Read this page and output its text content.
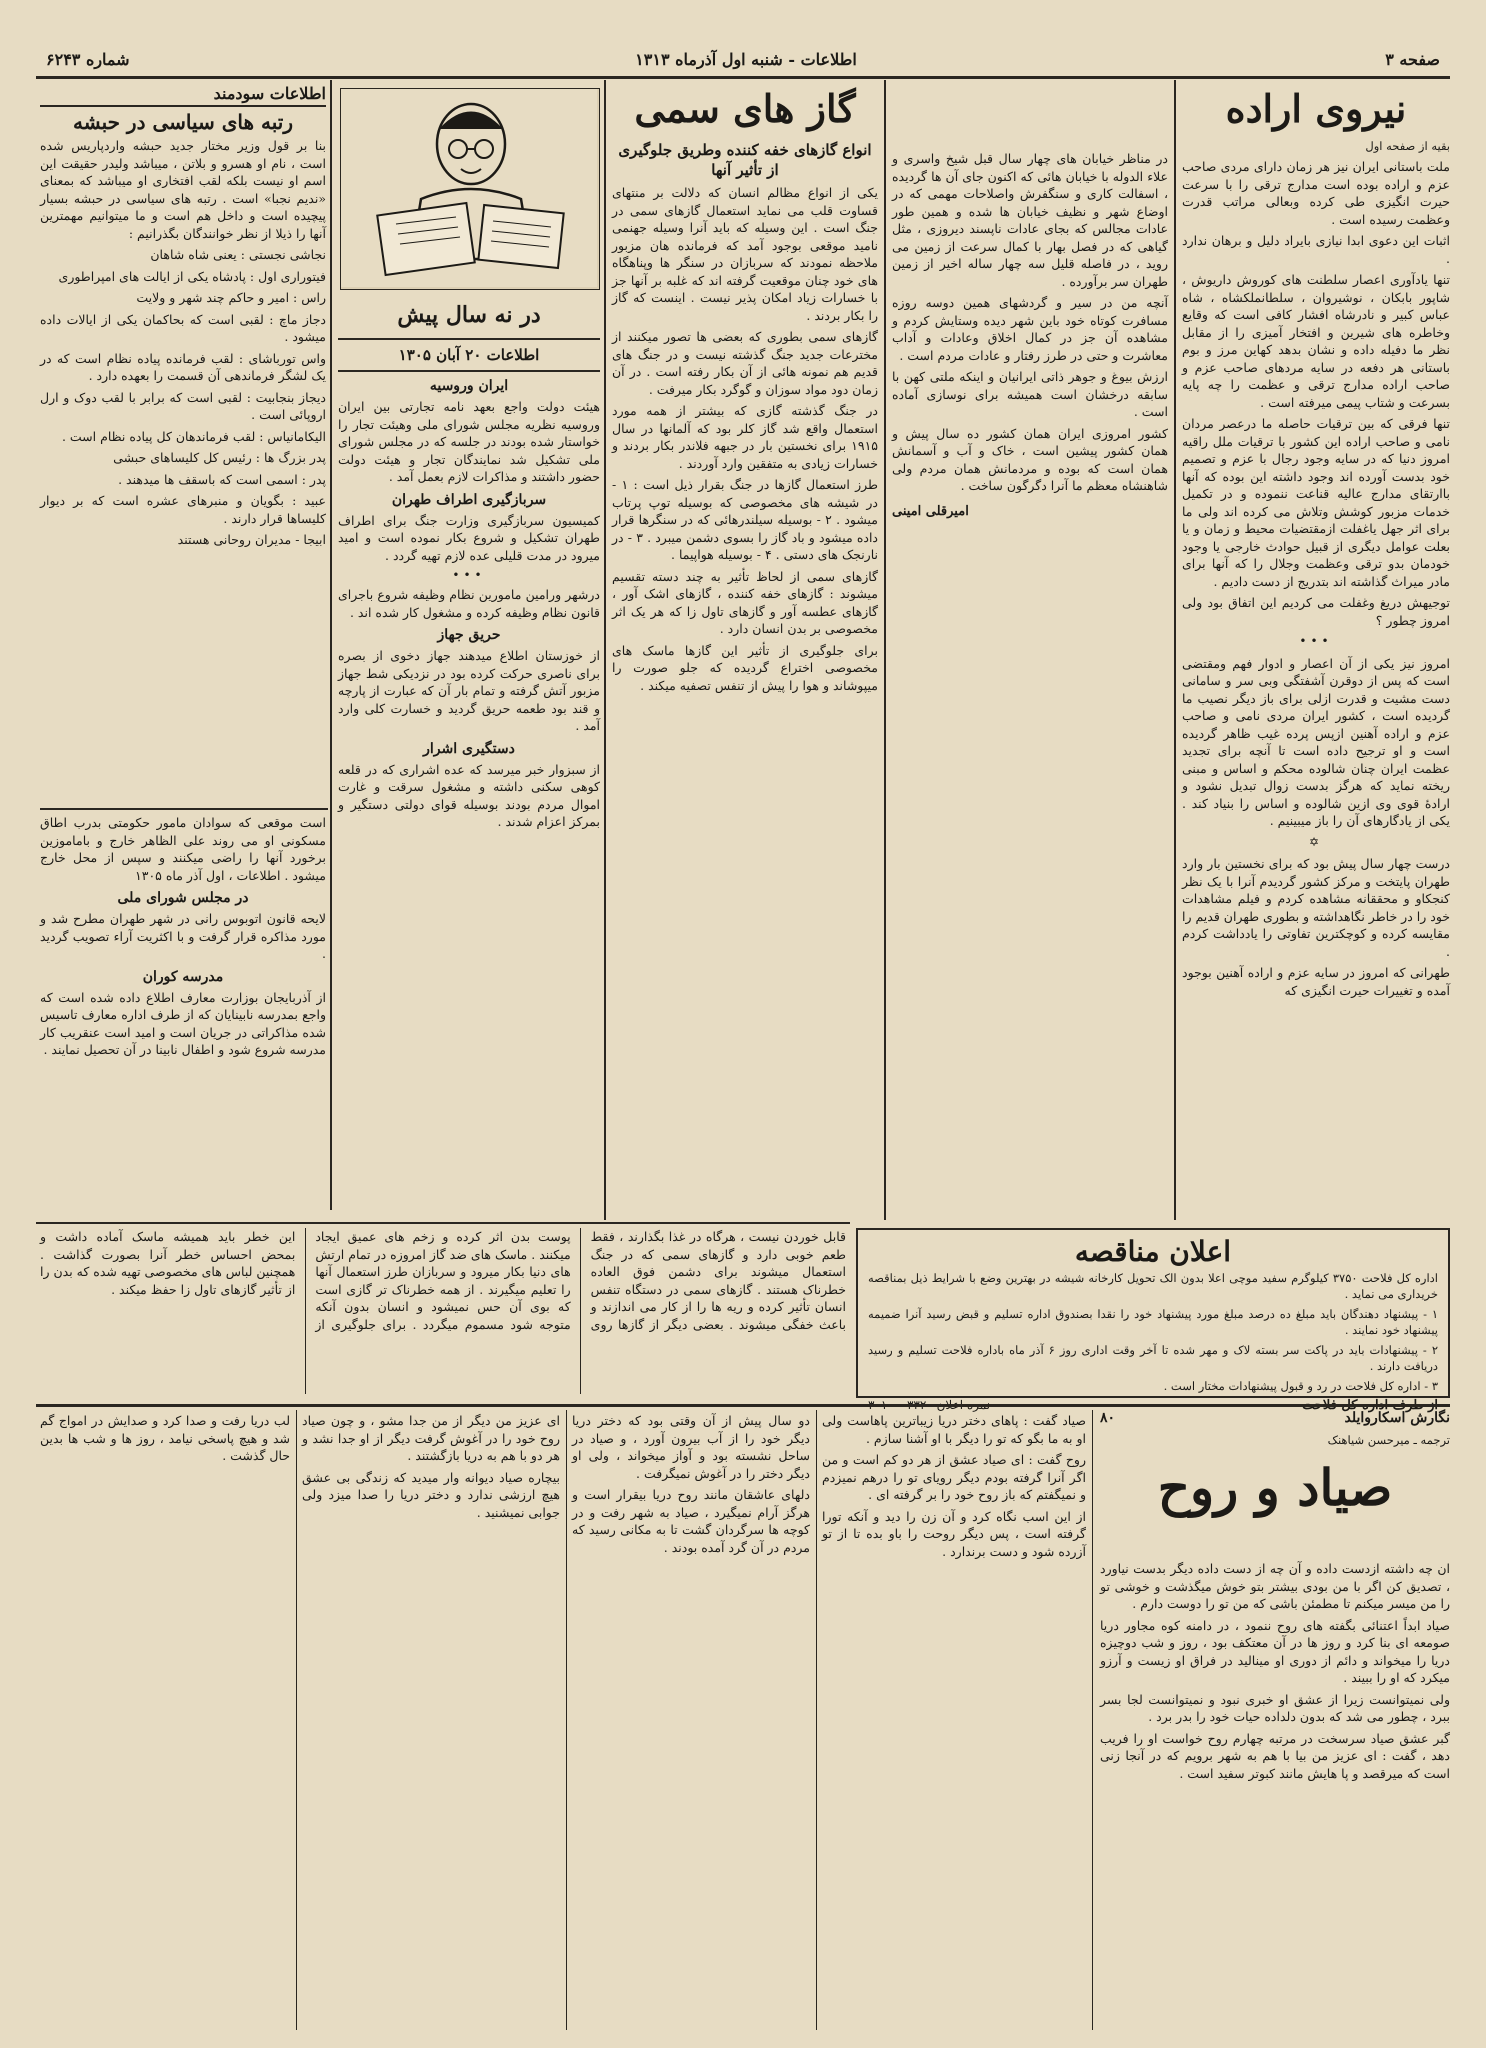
صفحه ۳
اطلاعات - شنبه اول آذرماه ۱۳۱۳
شماره ۶۲۴۳
نیروی اراده
بقیه از صفحه اول

ملت باستانی ایران نیز هر زمان دارای مردی صاحب عزم و اراده بوده است مدارج ترقی را با سرعت حیرت انگیزی طی کرده وبعالی مراتب قدرت وعظمت رسیده است .

اثبات این دعوی ابدا نیازی بایراد دلیل و برهان ندارد .

تنها یادآوری اعصار سلطنت های کوروش داریوش ، شاپور بابکان ، نوشیروان ، سلطانملکشاه ، شاه عباس کبیر و نادرشاه افشار کافی است که وقایع وخاطره های شیرین و افتخار آمیزی را از مقابل نظر ما دفیله داده و نشان بدهد کهاین مرز و بوم باستانی هر دفعه در سایه مردهای صاحب عزم و صاحب اراده مدارج ترقی و عظمت را چه پایه بسرعت و شتاب پیمی میرفته است .

تنها فرقی که بین ترقیات حاصله ما درعصر مردان نامی و صاحب اراده این کشور با ترقیات ملل راقیه امروز دنیا که در سایه وجود رجال با عزم و تصمیم خود بدست آورده اند وجود داشته این بوده که آنها باارتقای مدارج عالیه قناعت ننموده و در تکمیل خدمات مزبور کوشش وتلاش می کرده اند ولی ما برای اثر جهل یاغفلت ازمقتضیات محیط و زمان و یا بعلت عوامل دیگری از قبیل حوادث خارجی یا وجود خودمان بدو ترقی وعظمت وجلال را که آنها برای مادر میراث گذاشته اند بتدریج از دست دادیم .

توجیهش دریغ وغفلت می کردیم این اتفاق بود ولی امروز چطور ؟

•••

امروز نیز یکی از آن اعصار و ادوار فهم ومقتضی است که پس از دوقرن آشفتگی وبی سر و سامانی دست مشیت و قدرت ازلی برای باز دیگر نصیب ما گردیده است ، کشور ایران مردی نامی و صاحب عزم و اراده آهنین ازپس پرده غیب ظاهر گردیده است و او ترجیح داده است تا آنچه برای تجدید عظمت ایران چنان شالوده محکم و اساس و مبنی ریخته نماید که هرگز بدست زوال تبدیل نشود و ارادهٔ قوی وی ازین شالوده و اساس را بنیاد کند . یکی از یادگارهای آن را باز میبینیم .

✡

درست چهار سال پیش بود که برای نخستین بار وارد طهران پایتخت و مرکز کشور گردیدم آنرا با یک نظر کنجکاو و محققانه مشاهده کردم و فیلم مشاهدات خود را در خاطر نگاهداشته و بطوری طهران قدیم را مقایسه کرده و کوچکترین تفاوتی را یادداشت کردم .

طهرانی که امروز در سایه عزم و اراده آهنین بوجود آمده و تغییرات حیرت انگیزی که

در مناظر خیابان های چهار سال قبل شیخ واسری و علاء الدوله با خیابان هائی که اکنون جای آن ها گردیده ، اسفالت کاری و سنگفرش واصلاحات مهمی که در اوضاع شهر و نظیف خیابان ها شده و همین طور عادات مجالس که بجای عادات ناپسند دیروزی ، مثل گیاهی که در فصل بهار با کمال سرعت از زمین می روید ، در فاصله قلیل سه چهار ساله اخیر از زمین طهران سر برآورده .

آنچه من در سیر و گردشهای همین دوسه روزه مسافرت کوتاه خود باین شهر دیده وستایش کردم و مشاهده آن جز در کمال اخلاق وعادات و آداب معاشرت و حتی در طرز رفتار و عادات مردم است .

ارزش بیوغ و جوهر ذاتی ایرانیان و اینکه ملتی کهن با سابقه درخشان است همیشه برای نوسازی آماده است .

کشور امروزی ایران همان کشور ده سال پیش و همان کشور پیشین است ، خاک و آب و آسمانش همان است که بوده و مردمانش همان مردم ولی شاهنشاه معظم ما آنرا دگرگون ساخت .

امیرقلی امینی
گاز های سمی
انواع گازهای خفه کننده وطریق جلوگیری از تأثیر آنها

یکی از انواع مظالم انسان که دلالت بر منتهای قساوت قلب می نماید استعمال گازهای سمی در جنگ است . این وسیله که باید آنرا وسیله جهنمی نامید موقعی بوجود آمد که فرمانده هان مزبور ملاحظه نمودند که سربازان در سنگر ها وپناهگاه های خود چنان موقعیت گرفته اند که غلبه بر آنها جز با خسارات زیاد امکان پذیر نیست . اینست که گاز را بکار بردند .

گازهای سمی بطوری که بعضی ها تصور میکنند از مخترعات جدید جنگ گذشته نیست و در جنگ های قدیم هم نمونه هائی از آن بکار رفته است . در آن زمان دود مواد سوزان و گوگرد بکار میرفت .

در جنگ گذشته گازی که بیشتر از همه مورد استعمال واقع شد گاز کلر بود که آلمانها در سال ۱۹۱۵ برای نخستین بار در جبهه فلاندر بکار بردند و خسارات زیادی به متفقین وارد آوردند .

طرز استعمال گازها در جنگ بقرار ذیل است : ۱ - در شیشه های مخصوصی که بوسیله توپ پرتاب میشود . ۲ - بوسیله سیلندرهائی که در سنگرها قرار داده میشود و باد گاز را بسوی دشمن میبرد . ۳ - در نارنجک های دستی . ۴ - بوسیله هواپیما .

گازهای سمی از لحاظ تأثیر به چند دسته تقسیم میشوند : گازهای خفه کننده ، گازهای اشک آور ، گازهای عطسه آور و گازهای تاول زا که هر یک اثر مخصوصی بر بدن انسان دارد .

برای جلوگیری از تأثیر این گازها ماسک های مخصوصی اختراع گردیده که جلو صورت را میپوشاند و هوا را پیش از تنفس تصفیه میکند .

در نه سال پیش
اطلاعات ۲۰ آبان ۱۳۰۵
ایران وروسیه

هیئت دولت واجع بعهد نامه تجارتی بین ایران وروسیه نظریه مجلس شورای ملی وهیئت تجار را خواستار شده بودند در جلسه که در مجلس شورای ملی تشکیل شد نمایندگان تجار و هیئت دولت حضور داشتند و مذاکرات لازم بعمل آمد .

سربازگیری اطراف طهران

کمیسیون سربازگیری وزارت جنگ برای اطراف طهران تشکیل و شروع بکار نموده است و امید میرود در مدت قلیلی عده لازم تهیه گردد .

•••

درشهر ورامین مامورین نظام وظیفه شروع باجرای قانون نظام وظیفه کرده و مشغول کار شده اند .

حریق جهاز

از خوزستان اطلاع میدهند جهاز دخوی از بصره برای ناصری حرکت کرده بود در نزدیکی شط جهاز مزبور آتش گرفته و تمام بار آن که عبارت از پارچه و قند بود طعمه حریق گردید و خسارت کلی وارد آمد .

دستگیری اشرار

از سبزوار خبر میرسد که عده اشراری که در قلعه کوهی سکنی داشته و مشغول سرقت و غارت اموال مردم بودند بوسیله قوای دولتی دستگیر و بمرکز اعزام شدند .

اطلاعات سودمند
رتبه های سیاسی در حبشه

بنا بر قول وزیر مختار جدید حبشه واردپاریس شده است ، نام او هسرو و بلاتن ، میباشد ولیدر حقیقت این اسم او نیست بلکه لقب افتخاری او میباشد که بمعنای «ندیم نجبا» است . رتبه های سیاسی در حبشه بسیار پیچیده است و داخل هم است و ما میتوانیم مهمترین آنها را ذیلا از نظر خوانندگان بگذرانیم :

نجاشی نجستی : یعنی شاه شاهان

فیتوراری اول : پادشاه یکی از ایالت های امپراطوری

راس : امیر و حاکم چند شهر و ولایت

دجاز ماچ : لقبی است که بحاکمان یکی از ایالات داده میشود .

واس تورباشای : لقب فرمانده پیاده نظام است که در یک لشگر فرماندهی آن قسمت را بعهده دارد .

دیجاز بنجابیت : لقبی است که برابر با لقب دوک و ارل اروپائی است .

الیکامانیاس : لقب فرماندهان کل پیاده نظام است .

پدر بزرگ ها : رئیس کل کلیساهای حبشی

پدر : اسمی است که باسقف ها میدهند .

عبید : بگویان و منبرهای عشره است که بر دیوار کلیساها قرار دارند .

ابیجا - مدیران روحانی هستند

است موقعی که سوادان مامور حکومتی بدرب اطاق مسکونی او می روند علی الظاهر خارج و باماموزین برخورد آنها را راضی میکنند و سپس از محل خارج میشود . اطلاعات ، اول آذر ماه ۱۳۰۵

در مجلس شورای ملی

لایحه قانون اتوبوس رانی در شهر طهران مطرح شد و مورد مذاکره قرار گرفت و با اکثریت آراء تصویب گردید .

مدرسه کوران

از آذربایجان بوزارت معارف اطلاع داده شده است که واجع بمدرسه نابینایان که از طرف اداره معارف تاسیس شده مذاکراتی در جریان است و امید است عنقریب کار مدرسه شروع شود و اطفال نابینا در آن تحصیل نمایند .

قابل خوردن نیست ، هرگاه در غذا بگذارند ، فقط طعم خوبی دارد و گازهای سمی که در جنگ استعمال میشوند برای دشمن فوق العاده خطرناک هستند . گازهای سمی در دستگاه تنفس انسان تأثیر کرده و ریه ها را از کار می اندازند و باعث خفگی میشوند . بعضی دیگر از گازها روی پوست بدن اثر کرده و زخم های عمیق ایجاد میکنند . ماسک های ضد گاز امروزه در تمام ارتش های دنیا بکار میرود و سربازان طرز استعمال آنها را تعلیم میگیرند . از همه خطرناک تر گازی است که بوی آن حس نمیشود و انسان بدون آنکه متوجه شود مسموم میگردد . برای جلوگیری از این خطر باید همیشه ماسک آماده داشت و بمحض احساس خطر آنرا بصورت گذاشت . همچنین لباس های مخصوصی تهیه شده که بدن را از تأثیر گازهای تاول زا حفظ میکند .

اعلان مناقصه

اداره کل فلاحت ۳۷۵۰ کیلوگرم سفید موچی اعلا بدون الک تحویل کارخانه شیشه در بهترین وضع با شرایط ذیل بمناقصه خریداری می نماید .

۱ - پیشنهاد دهندگان باید مبلغ ده درصد مبلغ مورد پیشنهاد خود را نقدا بصندوق اداره تسلیم و قبض رسید آنرا ضمیمه پیشنهاد خود نمایند .

۲ - پیشنهادات باید در پاکت سر بسته لاک و مهر شده تا آخر وقت اداری روز ۶ آذر ماه باداره فلاحت تسلیم و رسید دریافت دارند .

۳ - اداره کل فلاحت در رد و قبول پیشنهادات مختار است .

نگارش اسکاروایلد
٨٠
ترجمه ـ میرحسن شیاهنک
صیاد و روح

ان چه داشته ازدست داده و آن چه از دست داده دیگر بدست نیاورد ، تصدیق کن اگر با من بودی بیشتر بتو خوش میگذشت و خوشی تو را من میسر میکنم تا مطمئن باشی که من تو را دوست دارم .

صیاد ابداً اعتنائی بگفته های روح ننمود ، در دامنه کوه مجاور دریا صومعه ای بنا کرد و روز ها در آن معتکف بود ، روز و شب دوچیزه دریا را میخواند و دائم از دوری او مینالید در فراق او زیست و آرزو میکرد که او را ببیند .

ولی نمیتوانست زیرا از عشق او خبری نبود و نمیتوانست لجا بسر ببرد ، چطور می شد که بدون دلداده حیات خود را بدر برد .

گبر عشق صیاد سرسخت در مرتبه چهارم روح خواست او را فریب دهد ، گفت : ای عزیز من بیا با هم به شهر برویم که در آنجا زنی است که میرقصد و پا هایش مانند کبوتر سفید است .

صیاد گفت : پاهای دختر دریا زیباترین پاهاست ولی او به ما بگو که تو را دیگر با او آشنا سازم .

روح گفت : ای صیاد عشق از هر دو کم است و من اگر آنرا گرفته بودم دیگر رویای تو را درهم نمیزدم و نمیگفتم که باز روح خود را بر گرفته ای .

از این اسب نگاه کرد و آن زن را دید و آنکه تورا گرفته است ، پس دیگر روحت را باو بده تا از تو آزرده شود و دست برندارد .

دو سال پیش از آن وقتی بود که دختر دریا دیگر خود را از آب بیرون آورد ، و صیاد در ساحل نشسته بود و آواز میخواند ، ولی او دیگر دختر را در آغوش نمیگرفت .

دلهای عاشقان مانند روح دریا بیقرار است و هرگز آرام نمیگیرد ، صیاد به شهر رفت و در کوچه ها سرگردان گشت تا به مکانی رسید که مردم در آن گرد آمده بودند .

ای عزیز من دیگر از من جدا مشو ، و چون صیاد روح خود را در آغوش گرفت دیگر از او جدا نشد و هر دو با هم به دریا بازگشتند .

بیچاره صیاد دیوانه وار میدید که زندگی بی عشق هیچ ارزشی ندارد و دختر دریا را صدا میزد ولی جوابی نمیشنید .

لب دریا رفت و صدا کرد و صدایش در امواج گم شد و هیچ پاسخی نیامد ، روز ها و شب ها بدین حال گذشت .
